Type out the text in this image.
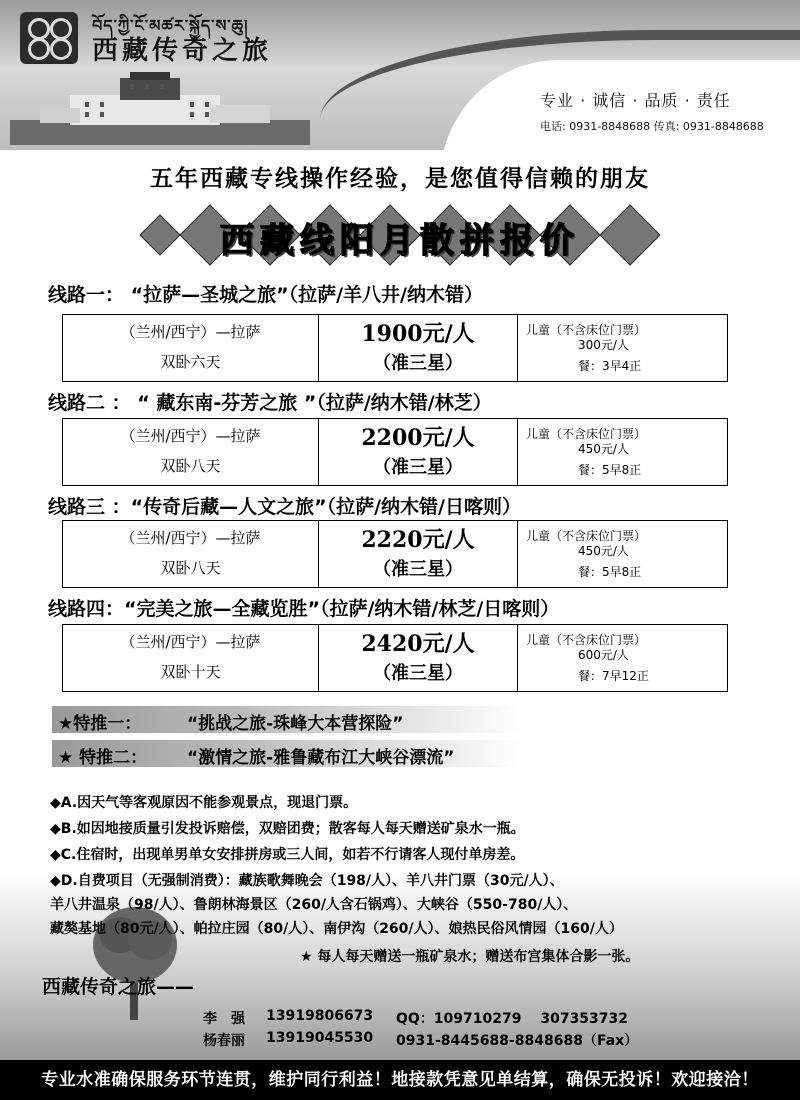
བོད་ཀྱི་ངོ་མཚར་སྐྱོད་ས་ཆུ།
西藏传奇之旅
专业 · 诚信 · 品质 · 责任
电话: 0931-8848688 传真: 0931-8848688
五年西藏专线操作经验，是您值得信赖的朋友
西藏线阳月散拼报价
线路一： “拉萨—圣城之旅”（拉萨/羊八井/纳木错）
（兰州/西宁）—拉萨
双卧六天
1900元/人
（准三星）
儿童（不含床位门票）
300元/人
餐：3早4正
线路二 ： “ 藏东南-芬芳之旅 ”（拉萨/纳木错/林芝）
（兰州/西宁）—拉萨
双卧八天
2200元/人
（准三星）
儿童（不含床位门票）
450元/人
餐：5早8正
线路三 ：“传奇后藏—人文之旅”（拉萨/纳木错/日喀则）
（兰州/西宁）—拉萨
双卧八天
2220元/人
（准三星）
儿童（不含床位门票）
450元/人
餐：5早8正
线路四：“完美之旅—全藏览胜”（拉萨/纳木错/林芝/日喀则）
（兰州/西宁）—拉萨
双卧十天
2420元/人
（准三星）
儿童（不含床位门票）
600元/人
餐：7早12正
★特推一：	“挑战之旅-珠峰大本营探险”
★ 特推二： “激情之旅-雅鲁藏布江大峡谷漂流”
◆A.因天气等客观原因不能参观景点，现退门票。
◆B.如因地接质量引发投诉赔偿，双赔团费；散客每人每天赠送矿泉水一瓶。
◆C.住宿时，出现单男单女安排拼房或三人间，如若不行请客人现付单房差。
◆D.自费项目（无强制消费）：藏族歌舞晚会（198/人）、羊八井门票（30元/人）、
羊八井温泉（98/人）、鲁朗林海景区（260/人含石锅鸡）、大峡谷（550-780/人）、
藏獒基地（80元/人）、帕拉庄园（80/人）、南伊沟（260/人）、娘热民俗风情园（160/人）
★ 每人每天赠送一瓶矿泉水；赠送布宫集体合影一张。
西藏传奇之旅——
李　强 13919806673 QQ：109710279　 307353732
杨春丽 13919045530 0931-8445688-8848688（Fax）
专业水准确保服务环节连贯，维护同行利益！地接款凭意见单结算，确保无投诉！欢迎接洽！
